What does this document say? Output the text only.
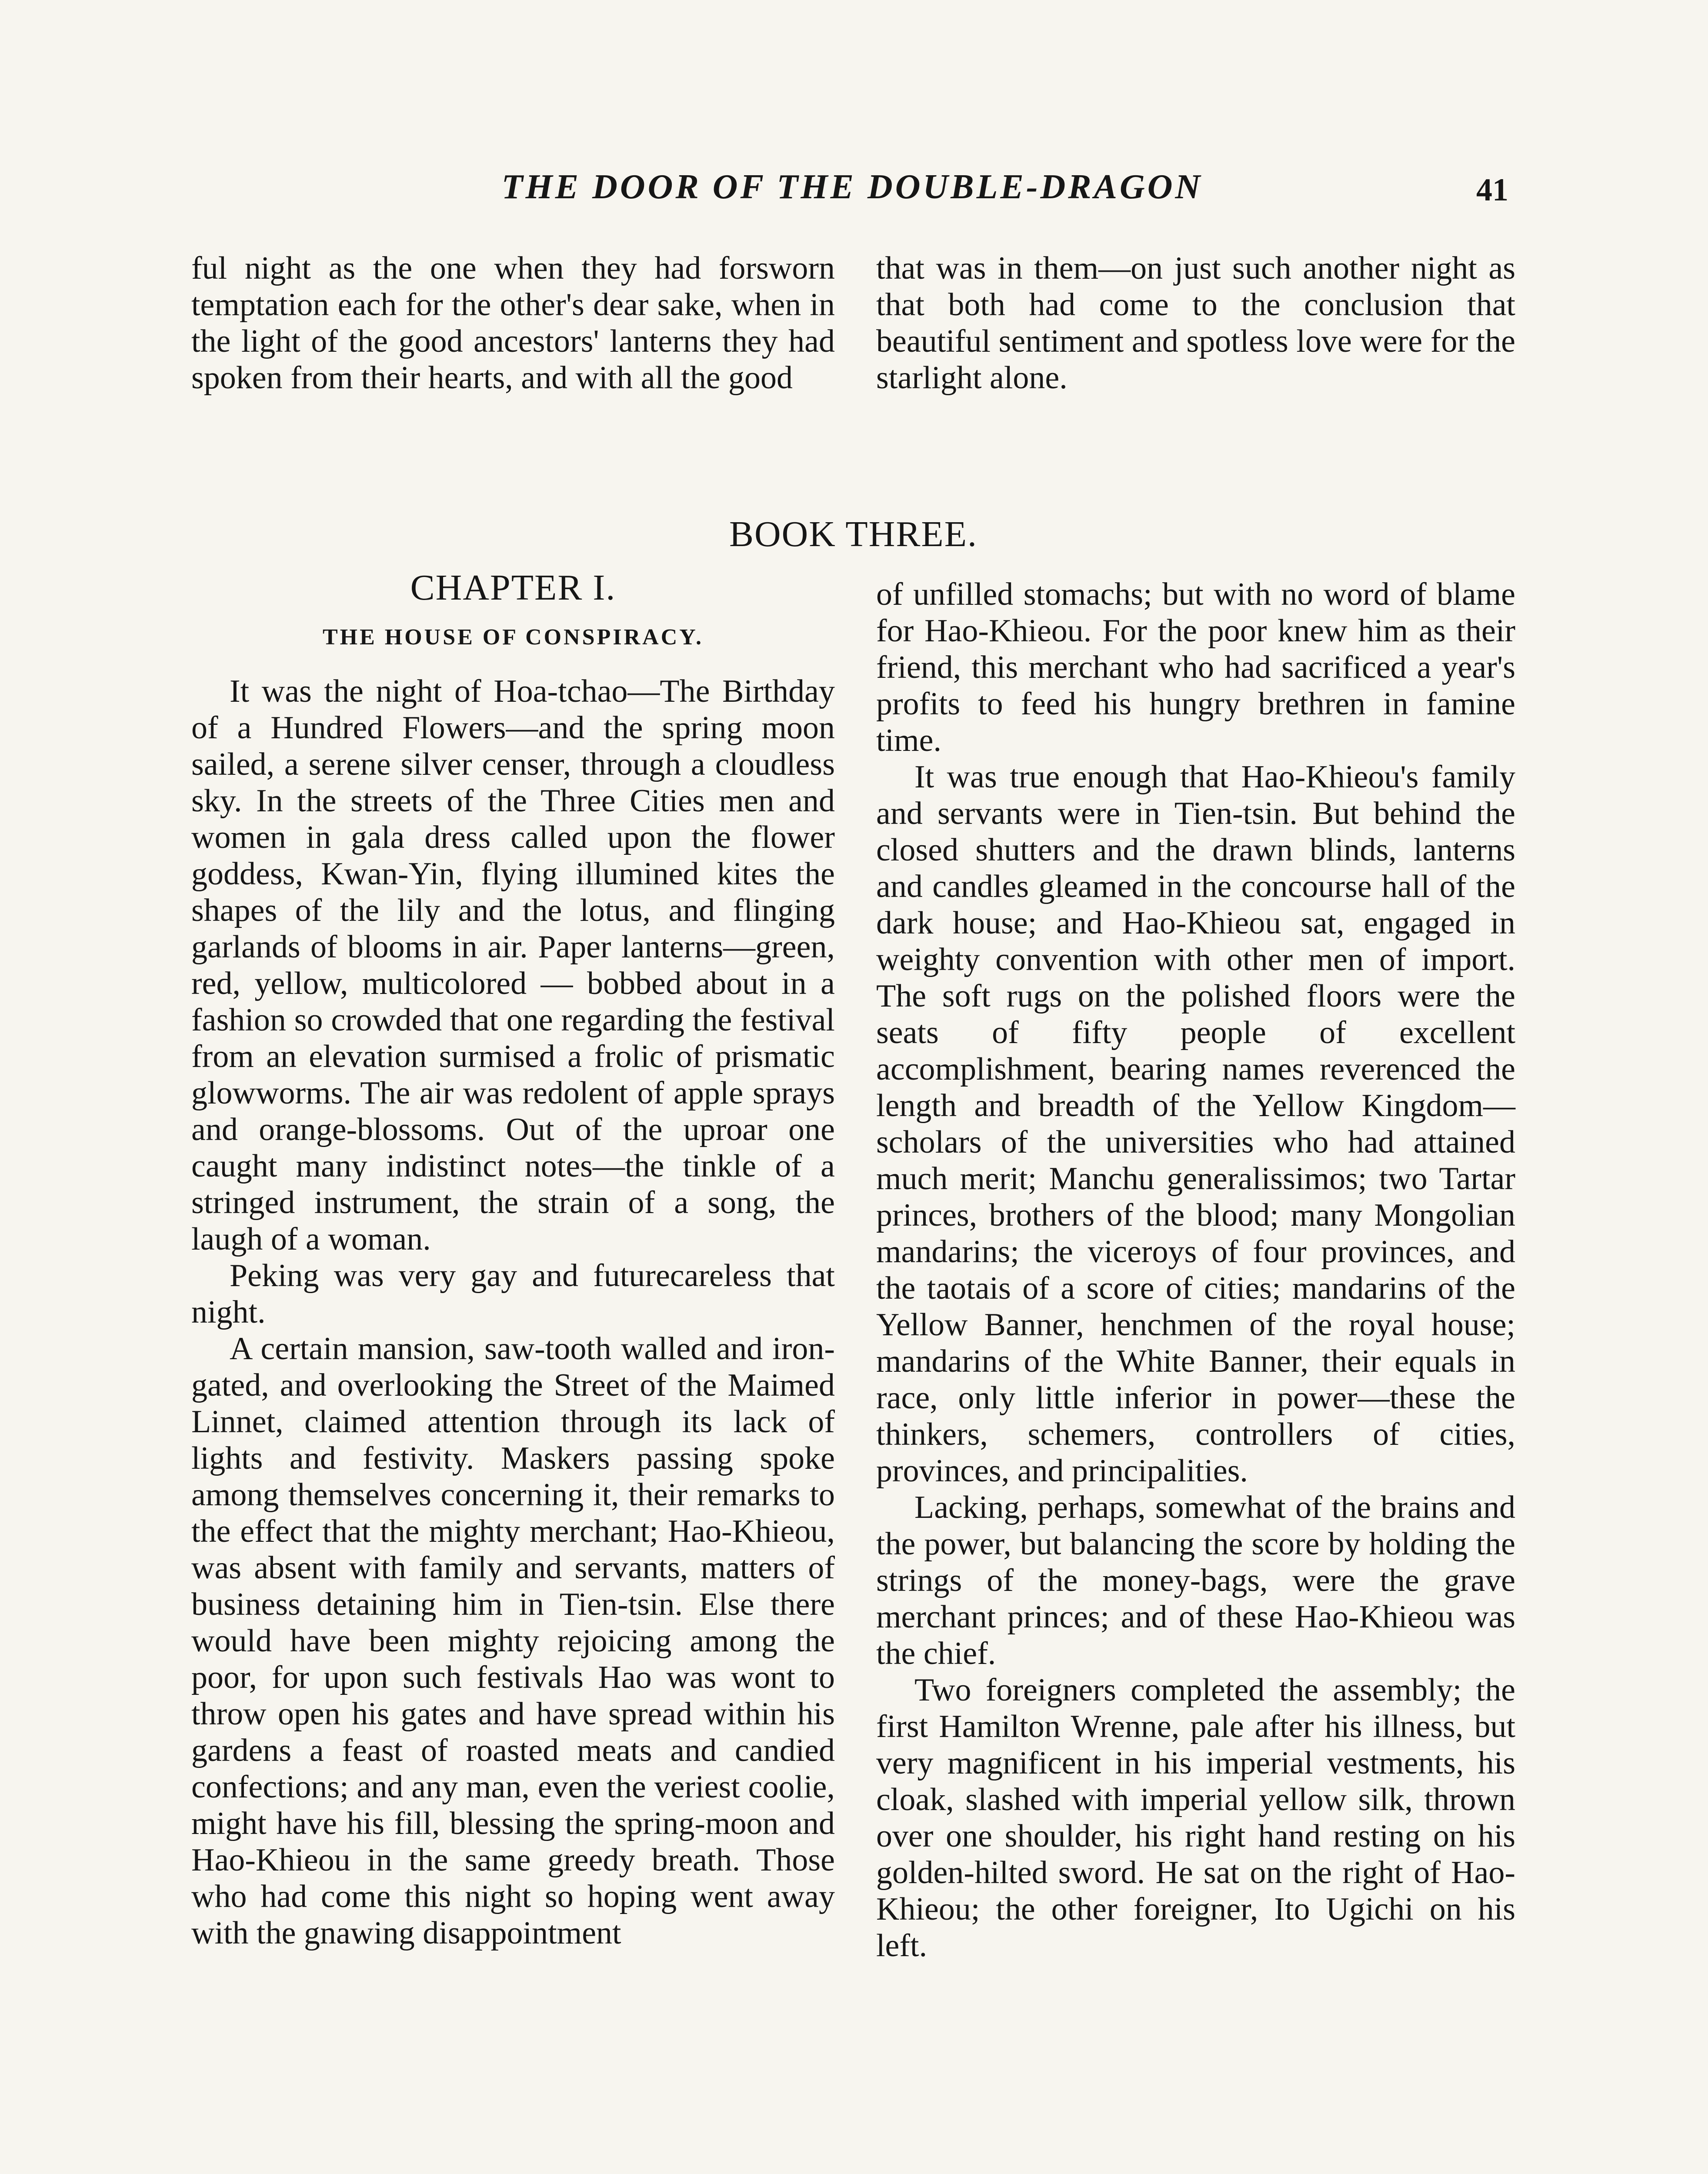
THE DOOR OF THE DOUBLE-DRAGON	41

ful night as the one when they had forsworn temptation each for the other's dear sake, when in the light of the good ancestors' lanterns they had spoken from their hearts, and with all the good

that was in them—on just such another night as that both had come to the conclusion that beautiful sentiment and spotless love were for the starlight alone.

BOOK THREE.
CHAPTER I.
THE HOUSE OF CONSPIRACY.

It was the night of Hoa-tchao—The Birthday of a Hundred Flowers—and the spring moon sailed, a serene silver censer, through a cloudless sky. In the streets of the Three Cities men and women in gala dress called upon the flower goddess, Kwan-Yin, flying illumined kites the shapes of the lily and the lotus, and flinging garlands of blooms in air. Paper lanterns—green, red, yellow, multicolored — bobbed about in a fashion so crowded that one regarding the festival from an elevation surmised a frolic of prismatic glowworms. The air was redolent of apple sprays and orange-blossoms. Out of the uproar one caught many indistinct notes—the tinkle of a stringed instrument, the strain of a song, the laugh of a woman.

Peking was very gay and futurecareless that night.

A certain mansion, saw-tooth walled and iron-gated, and overlooking the Street of the Maimed Linnet, claimed attention through its lack of lights and festivity. Maskers passing spoke among themselves concerning it, their remarks to the effect that the mighty merchant; Hao-Khieou, was absent with family and servants, matters of business detaining him in Tien-tsin. Else there would have been mighty rejoicing among the poor, for upon such festivals Hao was wont to throw open his gates and have spread within his gardens a feast of roasted meats and candied confections; and any man, even the veriest coolie, might have his fill, blessing the spring-moon and Hao-Khieou in the same greedy breath. Those who had come this night so hoping went away with the gnawing disappointment

of unfilled stomachs; but with no word of blame for Hao-Khieou. For the poor knew him as their friend, this merchant who had sacrificed a year's profits to feed his hungry brethren in famine time.

It was true enough that Hao-Khieou's family and servants were in Tien-tsin. But behind the closed shutters and the drawn blinds, lanterns and candles gleamed in the concourse hall of the dark house; and Hao-Khieou sat, engaged in weighty convention with other men of import. The soft rugs on the polished floors were the seats of fifty people of excellent accomplishment, bearing names reverenced the length and breadth of the Yellow Kingdom—scholars of the universities who had attained much merit; Manchu generalissimos; two Tartar princes, brothers of the blood; many Mongolian mandarins; the viceroys of four provinces, and the taotais of a score of cities; mandarins of the Yellow Banner, henchmen of the royal house; mandarins of the White Banner, their equals in race, only little inferior in power—these the thinkers, schemers, controllers of cities, provinces, and principalities.

Lacking, perhaps, somewhat of the brains and the power, but balancing the score by holding the strings of the money-bags, were the grave merchant princes; and of these Hao-Khieou was the chief.

Two foreigners completed the assembly; the first Hamilton Wrenne, pale after his illness, but very magnificent in his imperial vestments, his cloak, slashed with imperial yellow silk, thrown over one shoulder, his right hand resting on his golden-hilted sword. He sat on the right of Hao-Khieou; the other foreigner, Ito Ugichi on his left.
